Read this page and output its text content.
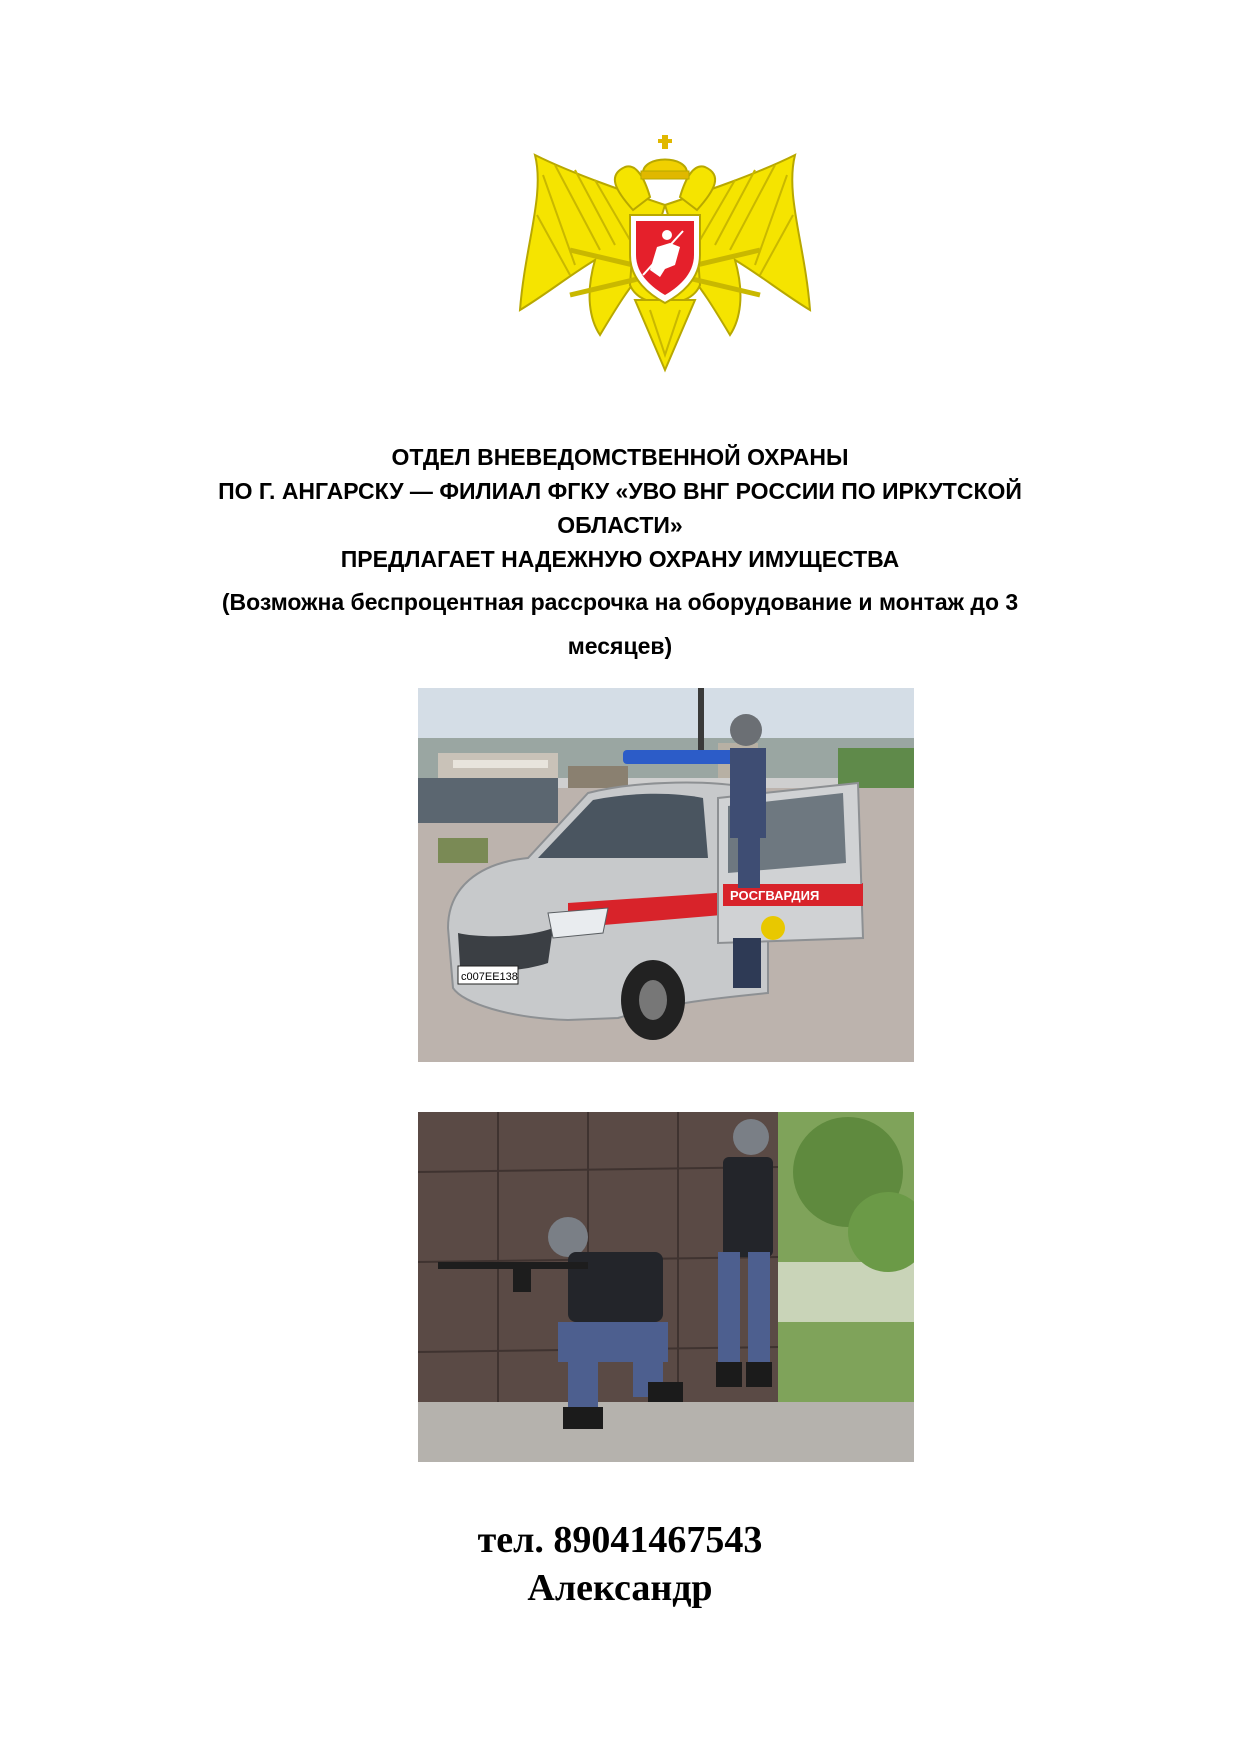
ОТДЕЛ ВНЕВЕДОМСТВЕННОЙ ОХРАНЫ
ПО Г. АНГАРСКУ — ФИЛИАЛ ФГКУ «УВО ВНГ РОССИИ ПО ИРКУТСКОЙ ОБЛАСТИ»
ПРЕДЛАГАЕТ НАДЕЖНУЮ ОХРАНУ ИМУЩЕСТВА
(Возможна беспроцентная рассрочка на оборудование и монтаж до 3 месяцев)
РОСГВАРДИЯ
с007ЕЕ138
тел. 89041467543
Александр
